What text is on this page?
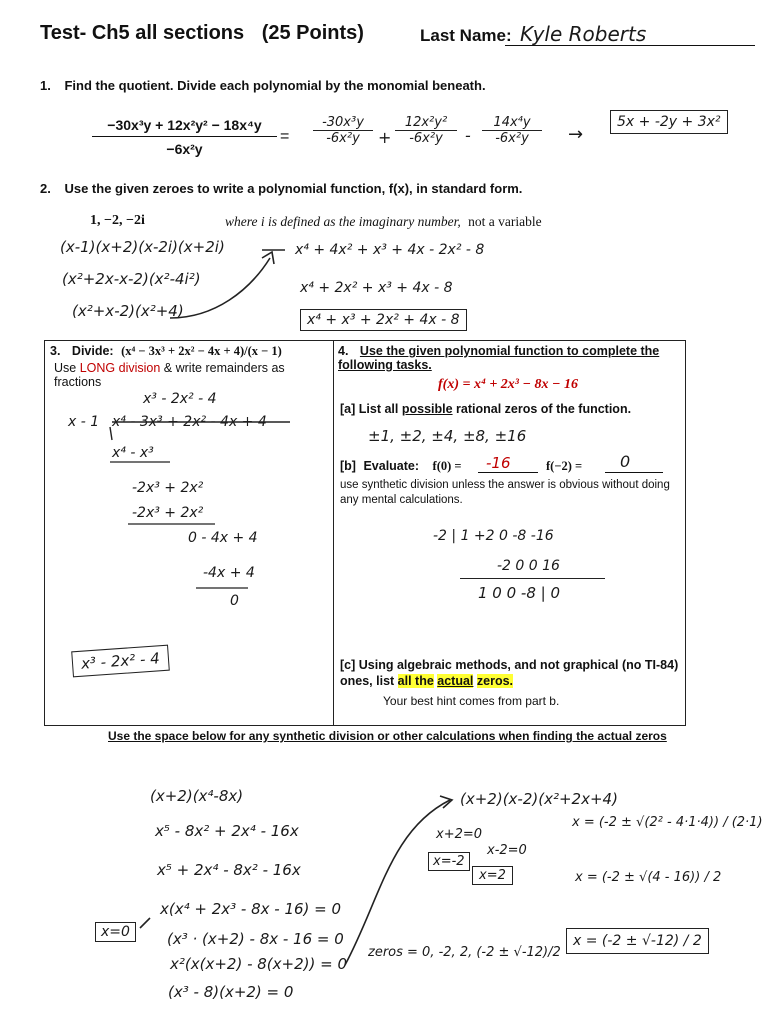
Test- Ch5 all sections (25 Points)	Last Name: Kyle Roberts
1. Find the quotient. Divide each polynomial by the monomial beneath.
$\frac{\text{−30x³y + 12x²y² − 18x⁴y}}{\text{−6x²y}} = \frac{\text{-30x³y}}{\text{-6x²y}} + \frac{\text{12x²y²}}{\text{-6x²y}} - \frac{\text{14x⁴y}}{\text{-6x²y}}$ →
5x + -2y + 3x²
2. Use the given zeroes to write a polynomial function, f(x), in standard form.
1, −2, −2i	where i is defined as the imaginary number, not a variable
(x-1)(x+2)(x-2i)(x+2i)
(x²+2x-x-2)(x²-4i²)
(x²+x-2)(x²+4)
x⁴ + 4x² + x³ + 4x - 2x² - 8
x⁴ + 2x² + x³ + 4x - 8
x⁴ + x³ + 2x² + 4x - 8
3. Divide: (x⁴ − 3x³ + 2x² − 4x + 4)/(x − 1)
Use LONG division & write remainders as fractions
x³ - 2x² - 4
x - 1 x⁴ - 3x³ + 2x² - 4x + 4
x⁴ - x³
-2x³ + 2x²
-2x³ + 2x²
0 - 4x + 4
-4x + 4
0
x³ - 2x² - 4
4. Use the given polynomial function to complete the following tasks.
f(x) = x⁴ + 2x³ − 8x − 16
[a] List all possible rational zeros of the function.
±1, ±2, ±4, ±8, ±16
[b] Evaluate: f(0) = -16	f(−2) = 0
use synthetic division unless the answer is obvious without doing any mental calculations.
-2 | 1 +2 0 -8 -16
-2 0 0 16
1 0 0 -8 | 0
[c] Using algebraic methods, and not graphical (no TI-84) ones, list all the actual zeros.
Your best hint comes from part b.
Use the space below for any synthetic division or other calculations when finding the actual zeros
(x+2)(x⁴-8x)
x⁵ - 8x² + 2x⁴ - 16x
x⁵ + 2x⁴ - 8x² - 16x
x(x⁴ + 2x³ - 8x - 16) = 0
(x³ · (x+2) - 8x - 16 = 0
x²(x(x+2) - 8(x+2)) = 0
(x³ - 8)(x+2) = 0
x=0
x+2=0
x-2=0
x=-2
x=2
(x+2)(x-2)(x²+2x+4)
x = (-2 ± √(2² - 4·1·4)) / (2·1)
x = (-2 ± √(4 - 16)) / 2
x = (-2 ± √-12) / 2
zeros = 0, -2, 2, (-2 ± √-12)/2
